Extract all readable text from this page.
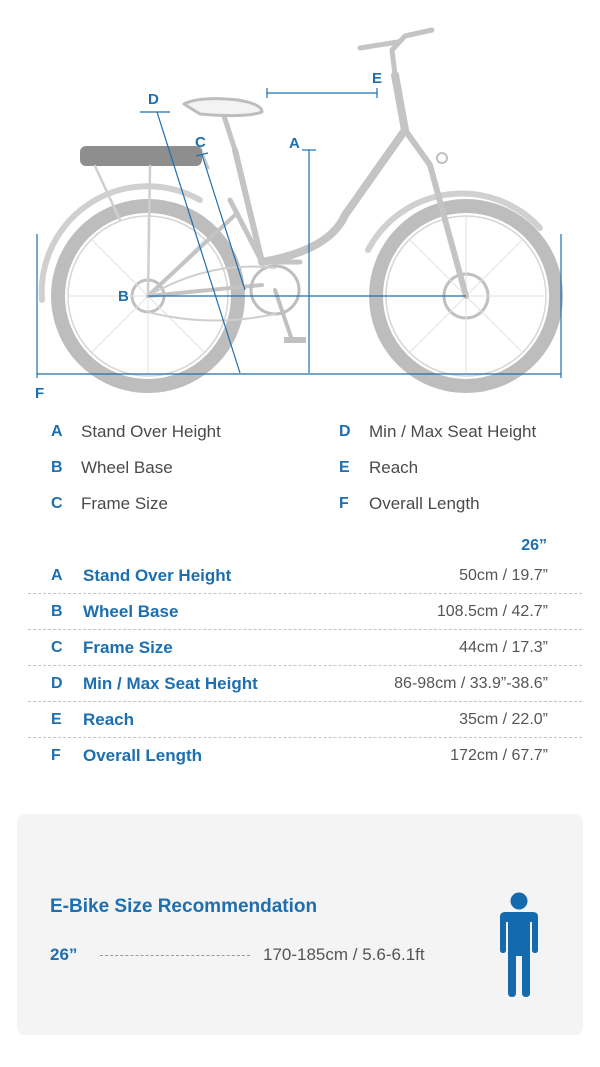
A
B
C
D
E
F
A	Stand Over Height
B	Wheel Base
C	Frame Size
D	Min / Max Seat Height
E	Reach
F	Overall Length
26”
A	Stand Over Height	50cm / 19.7”
B	Wheel Base	108.5cm / 42.7”
C	Frame Size	44cm / 17.3”
D	Min / Max Seat Height	86-98cm / 33.9”-38.6”
E	Reach	35cm / 22.0”
F	Overall Length	172cm / 67.7”
E-Bike Size Recommendation
26”	170-185cm / 5.6-6.1ft
